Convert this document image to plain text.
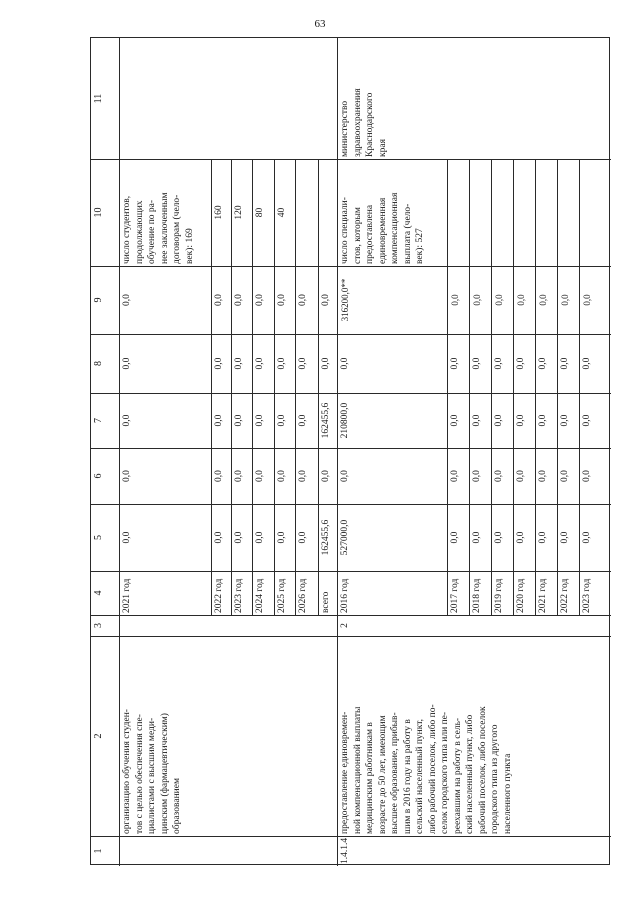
63
1
2
3
4
5
6
7
8
9
10
11
организацию обучения студен-
тов с целью обеспечения спе-
циалистами с высшим меди-
цинским (фармацевтическим)
образованием
число студентов,
продолжающих
обучение по ра-
нее заключенным
договорам (чело-
век): 169
2021 год
0,0
0,0
0,0
0,0
0,0
2022 год
0,0
0,0
0,0
0,0
0,0
160
2023 год
0,0
0,0
0,0
0,0
0,0
120
2024 год
0,0
0,0
0,0
0,0
0,0
80
2025 год
0,0
0,0
0,0
0,0
0,0
40
2026 год
0,0
0,0
0,0
0,0
0,0
всего
162455,6
0,0
162455,6
0,0
0,0
1.4.1.4
2
предоставление единовремен-
ной компенсационной выплаты
медицинским работникам в
возрасте до 50 лет, имеющим
высшее образование, прибыв-
шим в 2016 году на работу в
сельский населенный пункт,
либо рабочий поселок, либо по-
селок городского типа или пе-
реехавшим на работу в сель-
ский населенный пункт, либо
рабочий поселок, либо поселок
городского типа из другого
населенного пункта
число специали-
стов, которым
предоставлена
единовременная
компенсационная
выплата (чело-
век): 527
министерство
здравоохранения
Краснодарского
края
2016 год
527000,0
0,0
210800,0
0,0
316200,0**
2017 год
0,0
0,0
0,0
0,0
0,0
2018 год
0,0
0,0
0,0
0,0
0,0
2019 год
0,0
0,0
0,0
0,0
0,0
2020 год
0,0
0,0
0,0
0,0
0,0
2021 год
0,0
0,0
0,0
0,0
0,0
2022 год
0,0
0,0
0,0
0,0
0,0
2023 год
0,0
0,0
0,0
0,0
0,0
